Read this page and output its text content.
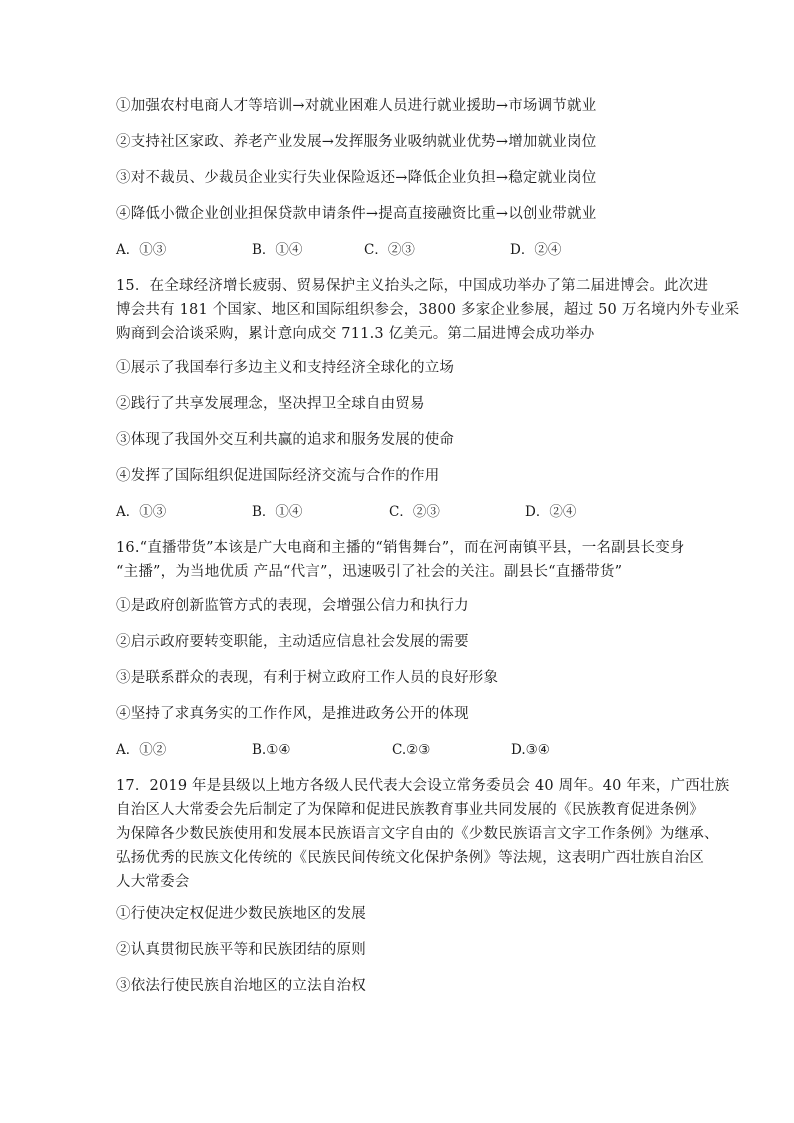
①加强农村电商人才等培训→对就业困难人员进行就业援助→市场调节就业
②支持社区家政、养老产业发展→发挥服务业吸纳就业优势→增加就业岗位
③对不裁员、少裁员企业实行失业保险返还→降低企业负担→稳定就业岗位
④降低小微企业创业担保贷款申请条件→提高直接融资比重→以创业带就业
A．①③	B．①④	C．②③	D．②④
15．在全球经济增长疲弱、贸易保护主义抬头之际，中国成功举办了第二届进博会。此次进
博会共有 181 个国家、地区和国际组织参会，3800 多家企业参展，超过 50 万名境内外专业采
购商到会洽谈采购，累计意向成交 711.3 亿美元。第二届进博会成功举办
①展示了我国奉行多边主义和支持经济全球化的立场
②践行了共享发展理念，坚决捍卫全球自由贸易
③体现了我国外交互利共赢的追求和服务发展的使命
④发挥了国际组织促进国际经济交流与合作的作用
A．①③	B．①④	C．②③	D．②④
16.“直播带货”本该是广大电商和主播的“销售舞台”，而在河南镇平县，一名副县长变身
“主播”，为当地优质 产品“代言”，迅速吸引了社会的关注。副县长“直播带货”
①是政府创新监管方式的表现，会增强公信力和执行力
②启示政府要转变职能，主动适应信息社会发展的需要
③是联系群众的表现，有利于树立政府工作人员的良好形象
④坚持了求真务实的工作作风，是推进政务公开的体现
A．①②	B.①④	C.②③	D.③④
17．2019 年是县级以上地方各级人民代表大会设立常务委员会 40 周年。40 年来，广西壮族
自治区人大常委会先后制定了为保障和促进民族教育事业共同发展的《民族教育促进条例》
为保障各少数民族使用和发展本民族语言文字自由的《少数民族语言文字工作条例》为继承、
弘扬优秀的民族文化传统的《民族民间传统文化保护条例》等法规，这表明广西壮族自治区
人大常委会
①行使决定权促进少数民族地区的发展
②认真贯彻民族平等和民族团结的原则
③依法行使民族自治地区的立法自治权
